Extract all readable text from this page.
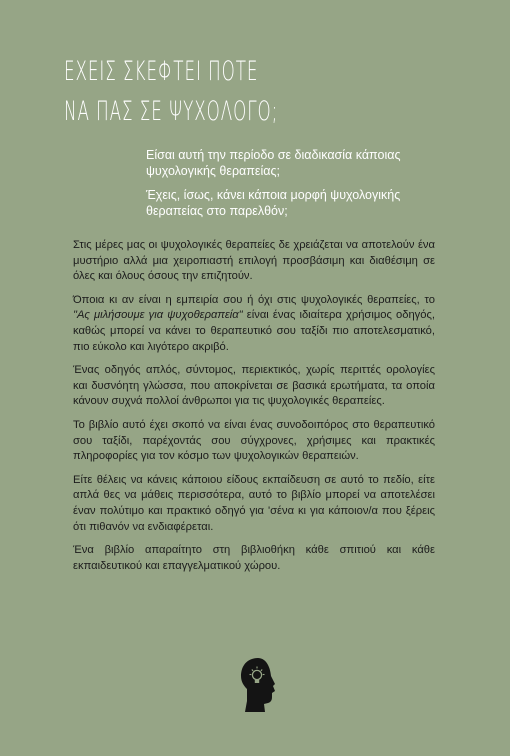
ΕΧΕΙΣ ΣΚΕΦΤΕΙ ΠΟΤΕ
ΝΑ ΠΑΣ ΣΕ ΨΥΧΟΛΟΓΟ;

Είσαι αυτή την περίοδο σε διαδικασία κάποιας ψυχολογικής θεραπείας;

Έχεις, ίσως, κάνει κάποια μορφή ψυχολογικής θεραπείας στο παρελθόν;

Στις μέρες μας οι ψυχολογικές θεραπείες δε χρειάζεται να αποτελούν ένα μυστήριο αλλά μια χειροπιαστή επιλογή προσβάσιμη και διαθέσιμη σε όλες και όλους όσους την επιζητούν.

Όποια κι αν είναι η εμπειρία σου ή όχι στις ψυχολογικές θεραπείες, το "Ας μιλήσουμε για ψυχοθεραπεία" είναι ένας ιδιαίτερα χρήσιμος οδηγός, καθώς μπορεί να κάνει το θεραπευτικό σου ταξίδι πιο αποτελεσματικό, πιο εύκολο και λιγότερο ακριβό.

Ένας οδηγός απλός, σύντομος, περιεκτικός, χωρίς περιττές ορολογίες και δυσνόητη γλώσσα, που αποκρίνεται σε βασικά ερωτήματα, τα οποία κάνουν συχνά πολλοί άνθρωποι για τις ψυχολογικές θεραπείες.

Το βιβλίο αυτό έχει σκοπό να είναι ένας συνοδοιπόρος στο θεραπευτικό σου ταξίδι, παρέχοντάς σου σύγχρονες, χρήσιμες και πρακτικές πληροφορίες για τον κόσμο των ψυχολογικών θεραπειών.

Είτε θέλεις να κάνεις κάποιου είδους εκπαίδευση σε αυτό το πεδίο, είτε απλά θες να μάθεις περισσότερα, αυτό το βιβλίο μπορεί να αποτελέσει έναν πολύτιμο και πρακτικό οδηγό για 'σένα κι για κάποιον/α που ξέρεις ότι πιθανόν να ενδιαφέρεται.

Ένα βιβλίο απαραίτητο στη βιβλιοθήκη κάθε σπιτιού και κάθε εκπαιδευτικού και επαγγελματικού χώρου.
